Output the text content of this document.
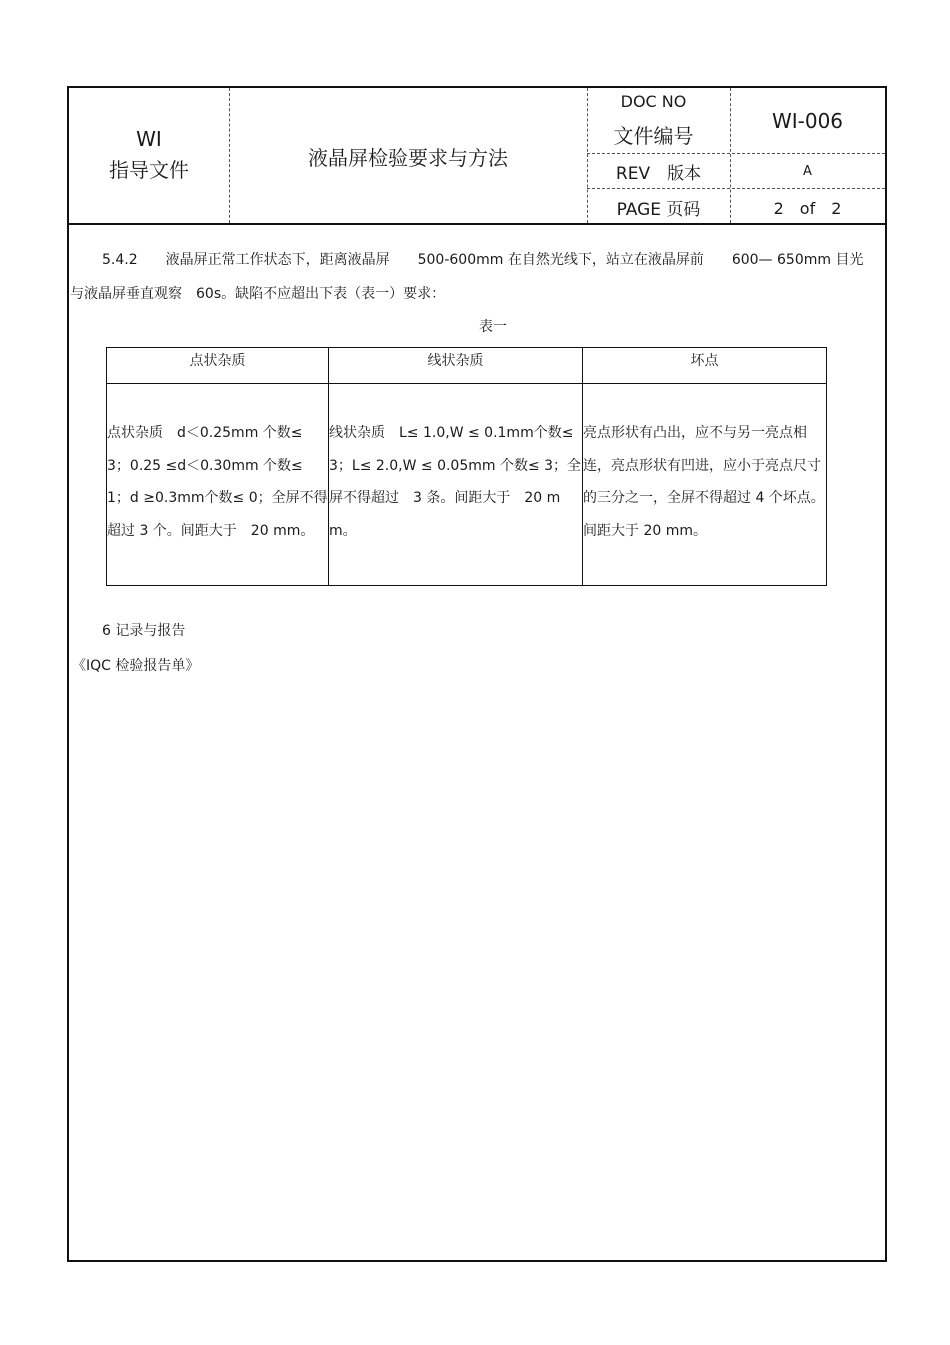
WI
指导文件	液晶屏检验要求与方法
DOC NO
文件编号
WI-006
REV　版本	A
PAGE 页码	2　of　2
5.4.2　　液晶屏正常工作状态下，距离液晶屏　　500-600mm 在自然光线下，站立在液晶屏前　　600— 650mm 目光
与液晶屏垂直观察　60s。缺陷不应超出下表（表一）要求：
表一
点状杂质	线状杂质	坏点

点状杂质　d＜0.25mm 个数≤ 3；0.25 ≤d＜0.30mm 个数≤ 1；d ≥0.3mm个数≤ 0；全屏不得超过 3 个。间距大于　20 mm。	线状杂质　L≤ 1.0,W ≤ 0.1mm个数≤ 3；L≤ 2.0,W ≤ 0.05mm 个数≤ 3；全屏不得超过　3 条。间距大于　20 mm。	亮点形状有凸出，应不与另一亮点相连，亮点形状有凹进，应小于亮点尺寸的三分之一，全屏不得超过 4 个坏点。间距大于 20 mm。
6 记录与报告
《IQC 检验报告单》
